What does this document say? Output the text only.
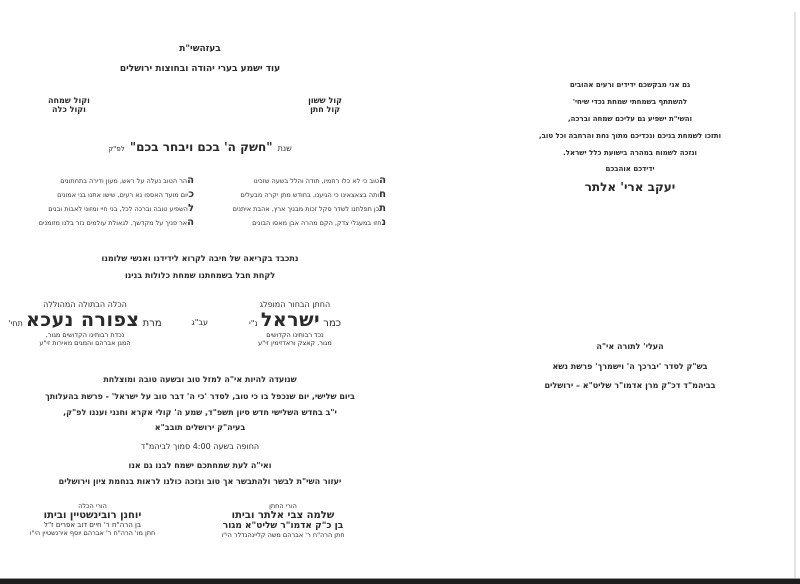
בעזהשי"ת
עוד ישמע בערי יהודה ובחוצות ירושלים
קול ששון
קול חתן
וקול שמחה
וקול כלה
שנת "חשק ה' בכם ויבחר בכם" לפ"ק
הטוב כי לא כלו רחמיו, תודה והלל בשעה שזכינו
חותה בצאצאינו כי הגיענו, בחודש מתן יקרה מבעלים
תכן תפלתנו לשדר סקל זכות מבניך ארץ, אהבת איתנים
נחזו במעגלי צדק, הקם מהרה אבן מאסו הבונים
ההר הטוב נעלה על ראש, מעון ודירה בתחתונים
כיום מועד האספו נא רעים, שישו אתנו בני אמונים
להשפיע טובה וברכה לכל, בני חיי ומזוני לאבות ובנים
האר פניך על מקדשך, לגאולת עולמים נזר בלנו מזומנים
נתכבד בקריאה של חיבה לקרוא לידידנו ואנשי שלומנו
לקחת חבל בשמחתנו שמחת כלולות בנינו
החתן הבחור המופלג
כמר ישראל נ"י
נכד רבותינו הקדושים
מגור, קאצק וראדזימין זי"ע
עב"ג
הכלה הבתולה המהוללה
מרת צפורה נעכא תחי'
נכדת רבותינו הקדושים מגור,
המגן אברהם והמגים מאירות זי"ע
שנועדה להיות אי"ה למזל טוב ובשעה טובה ומוצלחת
ביום שלישי, יום שנכפל בו כי טוב, לסדר 'כי ה' דבר טוב על ישראל' - פרשת בהעלותך
י"ב בחדש השלישי חדש סיון תשפ"ד, שמע ה' קולי אקרא וחנני ועננו לפ"ק,
בעיה"ק ירושלים תובב"א
החופה בשעה 4:00 סמוך לביהמ"ד
ואי"ה לעת שמחתכם ישמח לבנו גם אנו
יעזור השי"ת לבשר ולהתבשר אך טוב ונזכה כולנו לראות בנחמת ציון וירושלים
הורי החתן
שלמה צבי אלתר וביתו
בן כ"ק אדמו"ר שליט"א מגור
חתן הרה"ח ר' אברהם משה קליינהנדלר הי"ו
הורי הכלה
יוחנן רובינשטיין וביתו
בן הרה"ח ר' חיים דוב אפרים ז"ל
חתן מו' הרה"ח ר' אברהם יוסף אירנשטיין הי"ו
גם אני מבקשכם ידידים ורעים אהובים
להשתתף בשמחתי שמחת נכדי שיחי'
והשי"ת ישפיע גם עליכם שמחה וברכה,
ותזכו לשמחת בניכם ונכדיכם מתוך נחת והרחבה וכל טוב,
ונזכה לשמוח במהרה בישועת כלל ישראל.
ידידכם אוהבכם
יעקב ארי' אלתר
העלי' לתורה אי"ה
בש"ק לסדר 'יברכך ה' וישמרך' פרשת נשא
בביהמ"ד דכ"ק מרן אדמו"ר שליט"א – ירושלים
